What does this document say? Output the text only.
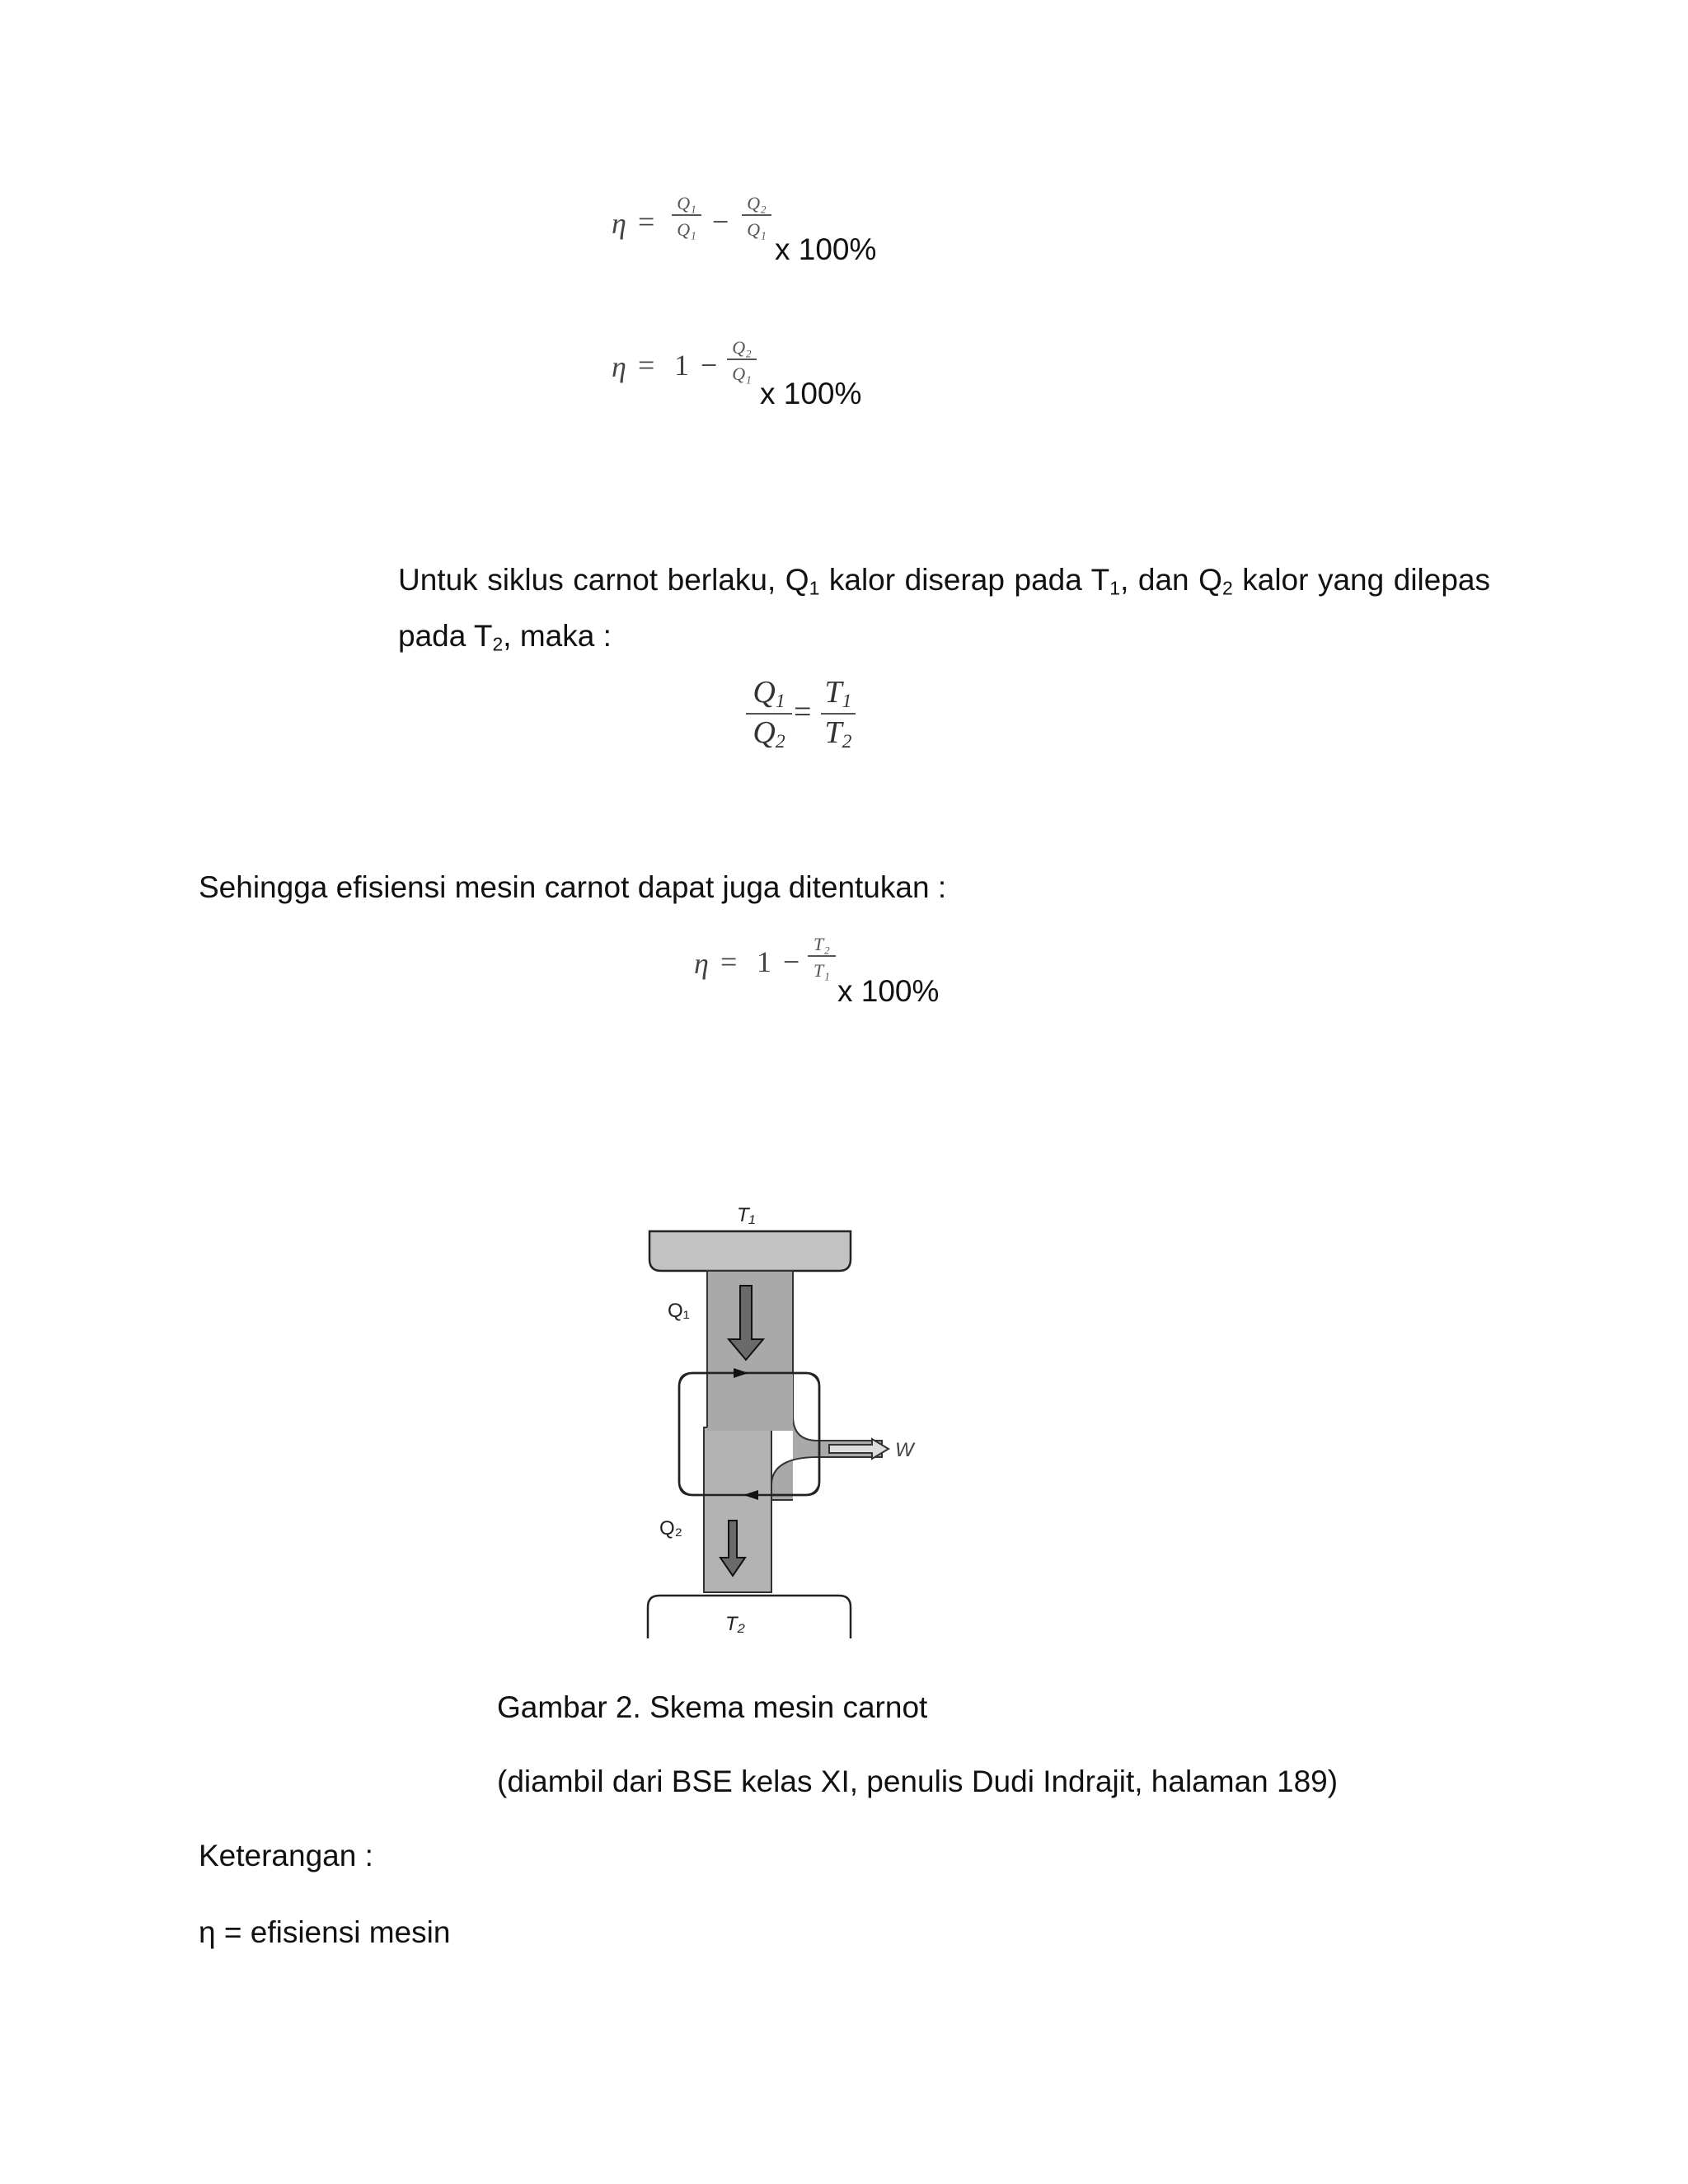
η =
Q₁
Q₁ −
Q₂
Q₁
x 100%
η = 1 −
Q₂
Q₁
x 100%
Untuk siklus carnot berlaku, $Q_1$ kalor diserap pada $T_1$, dan $Q_2$ kalor yang dilepas
pada $T_2$, maka :
$Q_1$
$Q_2$
=
$T_1$
$T_2$
Sehingga efisiensi mesin carnot dapat juga ditentukan :
η = 1 −
T₂
T₁
x 100%
T₁
Q₁
W
Q₂
T₂
Gambar 2. Skema mesin carnot
(diambil dari BSE kelas XI, penulis Dudi Indrajit, halaman 189)
Keterangan :
η = efisiensi mesin
